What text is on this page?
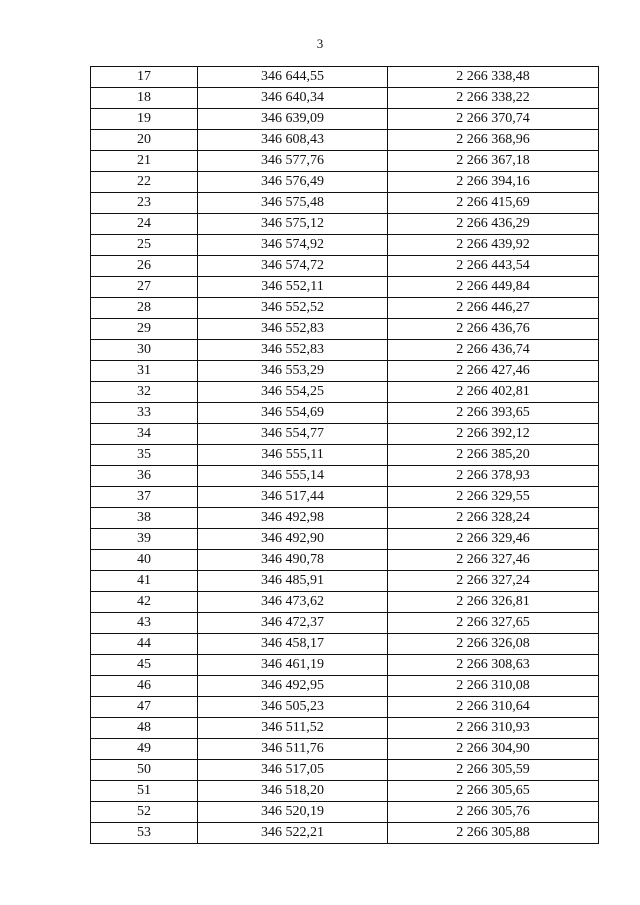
3
17	346 644,55	2 266 338,48
18	346 640,34	2 266 338,22
19	346 639,09	2 266 370,74
20	346 608,43	2 266 368,96
21	346 577,76	2 266 367,18
22	346 576,49	2 266 394,16
23	346 575,48	2 266 415,69
24	346 575,12	2 266 436,29
25	346 574,92	2 266 439,92
26	346 574,72	2 266 443,54
27	346 552,11	2 266 449,84
28	346 552,52	2 266 446,27
29	346 552,83	2 266 436,76
30	346 552,83	2 266 436,74
31	346 553,29	2 266 427,46
32	346 554,25	2 266 402,81
33	346 554,69	2 266 393,65
34	346 554,77	2 266 392,12
35	346 555,11	2 266 385,20
36	346 555,14	2 266 378,93
37	346 517,44	2 266 329,55
38	346 492,98	2 266 328,24
39	346 492,90	2 266 329,46
40	346 490,78	2 266 327,46
41	346 485,91	2 266 327,24
42	346 473,62	2 266 326,81
43	346 472,37	2 266 327,65
44	346 458,17	2 266 326,08
45	346 461,19	2 266 308,63
46	346 492,95	2 266 310,08
47	346 505,23	2 266 310,64
48	346 511,52	2 266 310,93
49	346 511,76	2 266 304,90
50	346 517,05	2 266 305,59
51	346 518,20	2 266 305,65
52	346 520,19	2 266 305,76
53	346 522,21	2 266 305,88
